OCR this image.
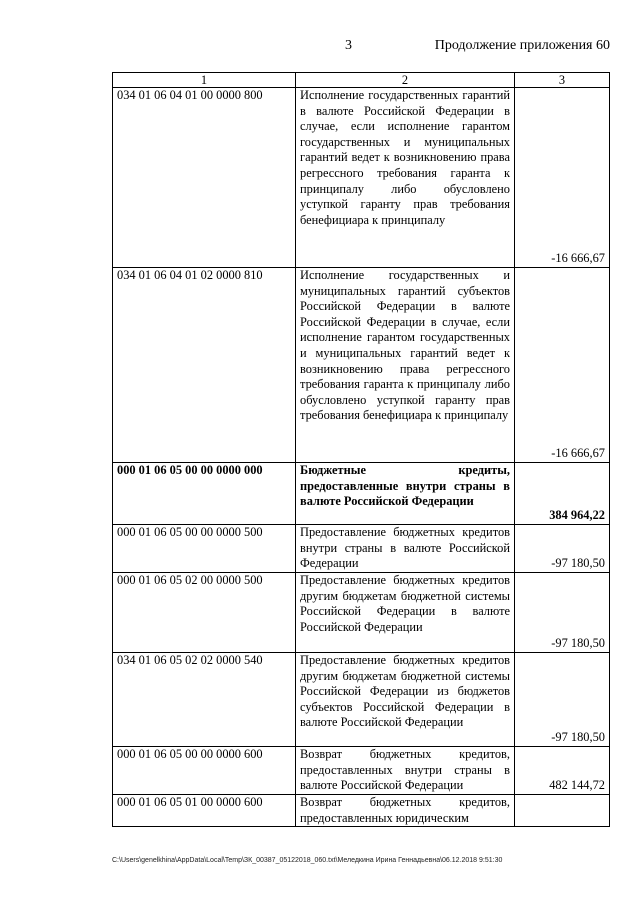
3	Продолжение приложения 60
1	2	3
034 01 06 04 01 00 0000 800	Исполнение государственных гарантий в валюте Российской Федерации в случае, если исполнение гарантом государственных и муниципальных гарантий ведет к возникновению права регрессного требования гаранта к принципалу либо обусловлено уступкой гаранту прав требования бенефициара к принципалу	-16 666,67
034 01 06 04 01 02 0000 810	Исполнение государственных и муниципальных гарантий субъектов Российской Федерации в валюте Российской Федерации в случае, если исполнение гарантом государственных и муниципальных гарантий ведет к возникновению права регрессного требования гаранта к принципалу либо обусловлено уступкой гаранту прав требования бенефициара к принципалу	-16 666,67
000 01 06 05 00 00 0000 000	Бюджетные кредиты, предоставленные внутри страны в валюте Российской Федерации	384 964,22
000 01 06 05 00 00 0000 500	Предоставление бюджетных кредитов внутри страны в валюте Российской Федерации	-97 180,50
000 01 06 05 02 00 0000 500	Предоставление бюджетных кредитов другим бюджетам бюджетной системы Российской Федерации в валюте Российской Федерации	-97 180,50
034 01 06 05 02 02 0000 540	Предоставление бюджетных кредитов другим бюджетам бюджетной системы Российской Федерации из бюджетов субъектов Российской Федерации в валюте Российской Федерации	-97 180,50
000 01 06 05 00 00 0000 600	Возврат бюджетных кредитов, предоставленных внутри страны в валюте Российской Федерации	482 144,72
000 01 06 05 01 00 0000 600	Возврат бюджетных кредитов, предоставленных юридическим	
C:\Users\genelkhina\AppData\Local\Temp\ЗК_00387_05122018_060.txt\Меледкина Ирина Геннадьевна\06.12.2018 9:51:30
